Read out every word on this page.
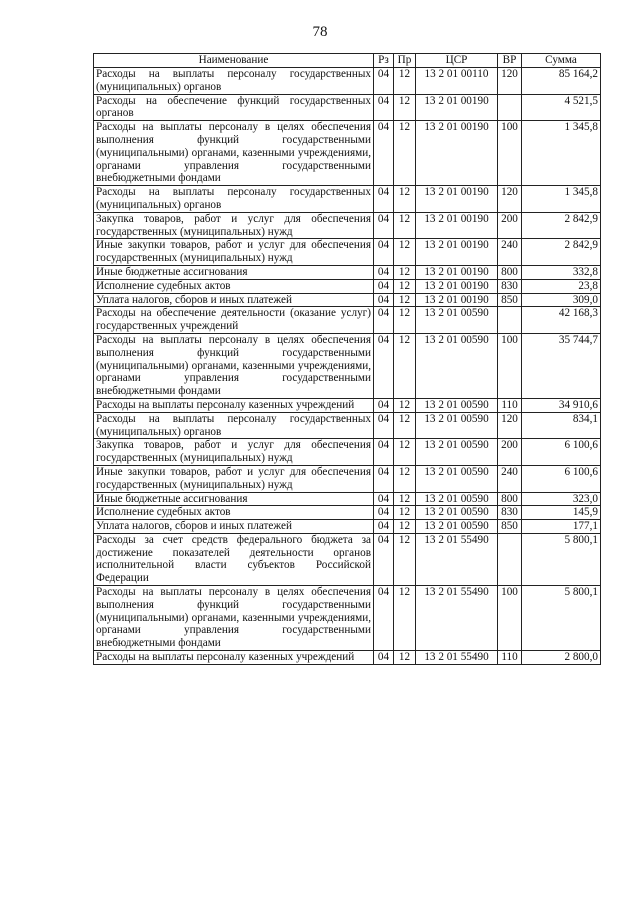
78
Наименование	Рз	Пр	ЦСР	ВР	Сумма
Расходы на выплаты персоналу государственных (муниципальных) органов	04	12	13 2 01 00110	120	85 164,2
Расходы на обеспечение функций государственных органов	04	12	13 2 01 00190		4 521,5
Расходы на выплаты персоналу в целях обеспечения выполнения функций государственными (муниципальными) органами, казенными учреждениями, органами управления государственными внебюджетными фондами	04	12	13 2 01 00190	100	1 345,8
Расходы на выплаты персоналу государственных (муниципальных) органов	04	12	13 2 01 00190	120	1 345,8
Закупка товаров, работ и услуг для обеспечения государственных (муниципальных) нужд	04	12	13 2 01 00190	200	2 842,9
Иные закупки товаров, работ и услуг для обеспечения государственных (муниципальных) нужд	04	12	13 2 01 00190	240	2 842,9
Иные бюджетные ассигнования	04	12	13 2 01 00190	800	332,8
Исполнение судебных актов	04	12	13 2 01 00190	830	23,8
Уплата налогов, сборов и иных платежей	04	12	13 2 01 00190	850	309,0
Расходы на обеспечение деятельности (оказание услуг) государственных учреждений	04	12	13 2 01 00590		42 168,3
Расходы на выплаты персоналу в целях обеспечения выполнения функций государственными (муниципальными) органами, казенными учреждениями, органами управления государственными внебюджетными фондами	04	12	13 2 01 00590	100	35 744,7
Расходы на выплаты персоналу казенных учреждений	04	12	13 2 01 00590	110	34 910,6
Расходы на выплаты персоналу государственных (муниципальных) органов	04	12	13 2 01 00590	120	834,1
Закупка товаров, работ и услуг для обеспечения государственных (муниципальных) нужд	04	12	13 2 01 00590	200	6 100,6
Иные закупки товаров, работ и услуг для обеспечения государственных (муниципальных) нужд	04	12	13 2 01 00590	240	6 100,6
Иные бюджетные ассигнования	04	12	13 2 01 00590	800	323,0
Исполнение судебных актов	04	12	13 2 01 00590	830	145,9
Уплата налогов, сборов и иных платежей	04	12	13 2 01 00590	850	177,1
Расходы за счет средств федерального бюджета за достижение показателей деятельности органов исполнительной власти субъектов Российской Федерации	04	12	13 2 01 55490		5 800,1
Расходы на выплаты персоналу в целях обеспечения выполнения функций государственными (муниципальными) органами, казенными учреждениями, органами управления государственными внебюджетными фондами	04	12	13 2 01 55490	100	5 800,1
Расходы на выплаты персоналу казенных учреждений	04	12	13 2 01 55490	110	2 800,0
